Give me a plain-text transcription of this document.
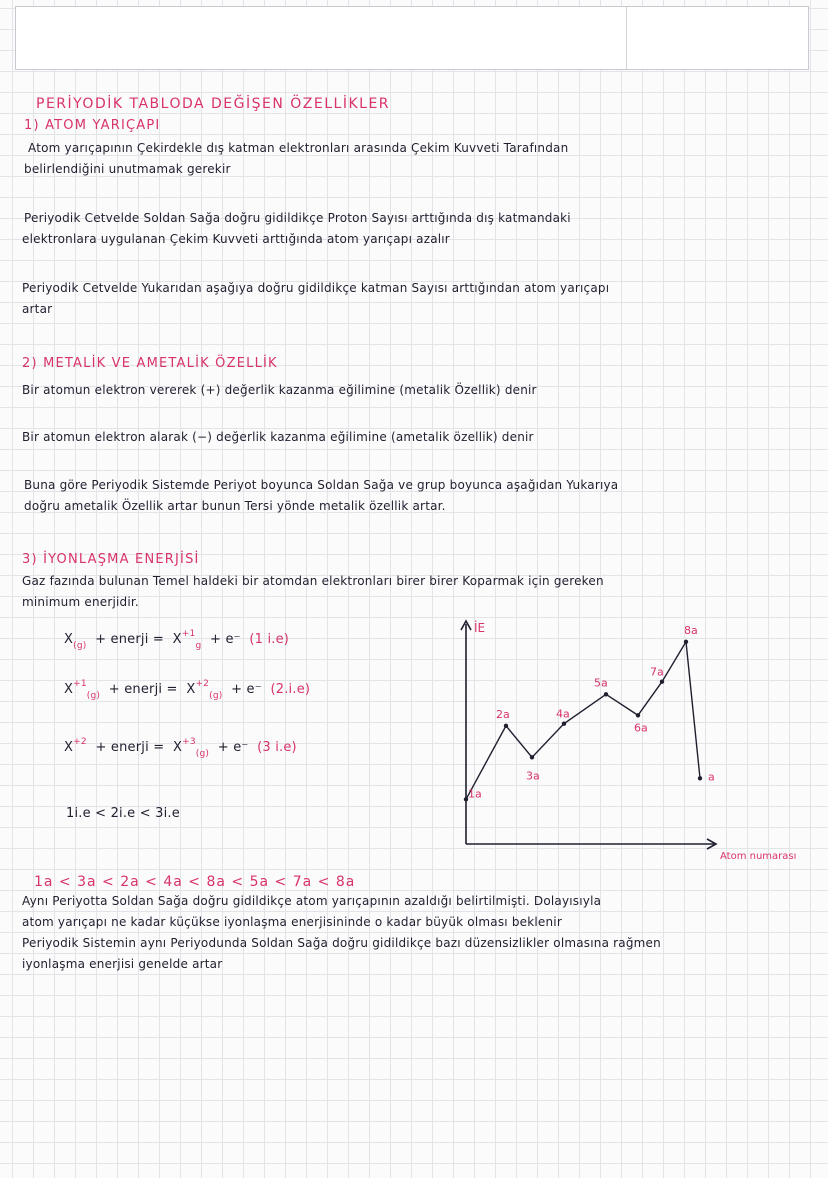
PERİYODİK TABLODA DEĞİŞEN ÖZELLİKLER
1) ATOM YARIÇAPI
Atom yarıçapının Çekirdekle dış katman elektronları arasında Çekim Kuvveti Tarafından
belirlendiğini unutmamak gerekir
Periyodik Cetvelde Soldan Sağa doğru gidildikçe Proton Sayısı arttığında dış katmandaki
elektronlara uygulanan Çekim Kuvveti arttığında atom yarıçapı azalır
Periyodik Cetvelde Yukarıdan aşağıya doğru gidildikçe katman Sayısı arttığından atom yarıçapı
artar
2) METALİK VE AMETALİK ÖZELLİK
Bir atomun elektron vererek (+) değerlik kazanma eğilimine (metalik Özellik) denir
Bir atomun elektron alarak (−) değerlik kazanma eğilimine (ametalik özellik) denir
Buna göre Periyodik Sistemde Periyot boyunca Soldan Sağa ve grup boyunca aşağıdan Yukarıya
doğru ametalik Özellik artar bunun Tersi yönde metalik özellik artar.
3) İYONLAŞMA ENERJİSİ
Gaz fazında bulunan Temel haldeki bir atomdan elektronları birer birer Koparmak için gereken
minimum enerjidir.
$X_{(g)}$ + enerji = $X^{+1}_g + e^-$ (1 i.e)
$X^{+1}_{(g)}$ + enerji = $X^{+2}_{(g)} + e^-$ (2.i.e)
$X^{+2}$ + enerji = $X^{+3}_{(g)} + e^-$ (3 i.e)
1i.e < 2i.e < 3i.e
İE
Atom numarası
1a
2a
3a
4a
5a
6a
7a
8a
a
1a < 3a < 2a < 4a < 8a < 5a < 7a < 8a
Aynı Periyotta Soldan Sağa doğru gidildikçe atom yarıçapının azaldığı belirtilmişti. Dolayısıyla
atom yarıçapı ne kadar küçükse iyonlaşma enerjisininde o kadar büyük olması beklenir
Periyodik Sistemin aynı Periyodunda Soldan Sağa doğru gidildikçe bazı düzensizlikler olmasına rağmen
iyonlaşma enerjisi genelde artar
